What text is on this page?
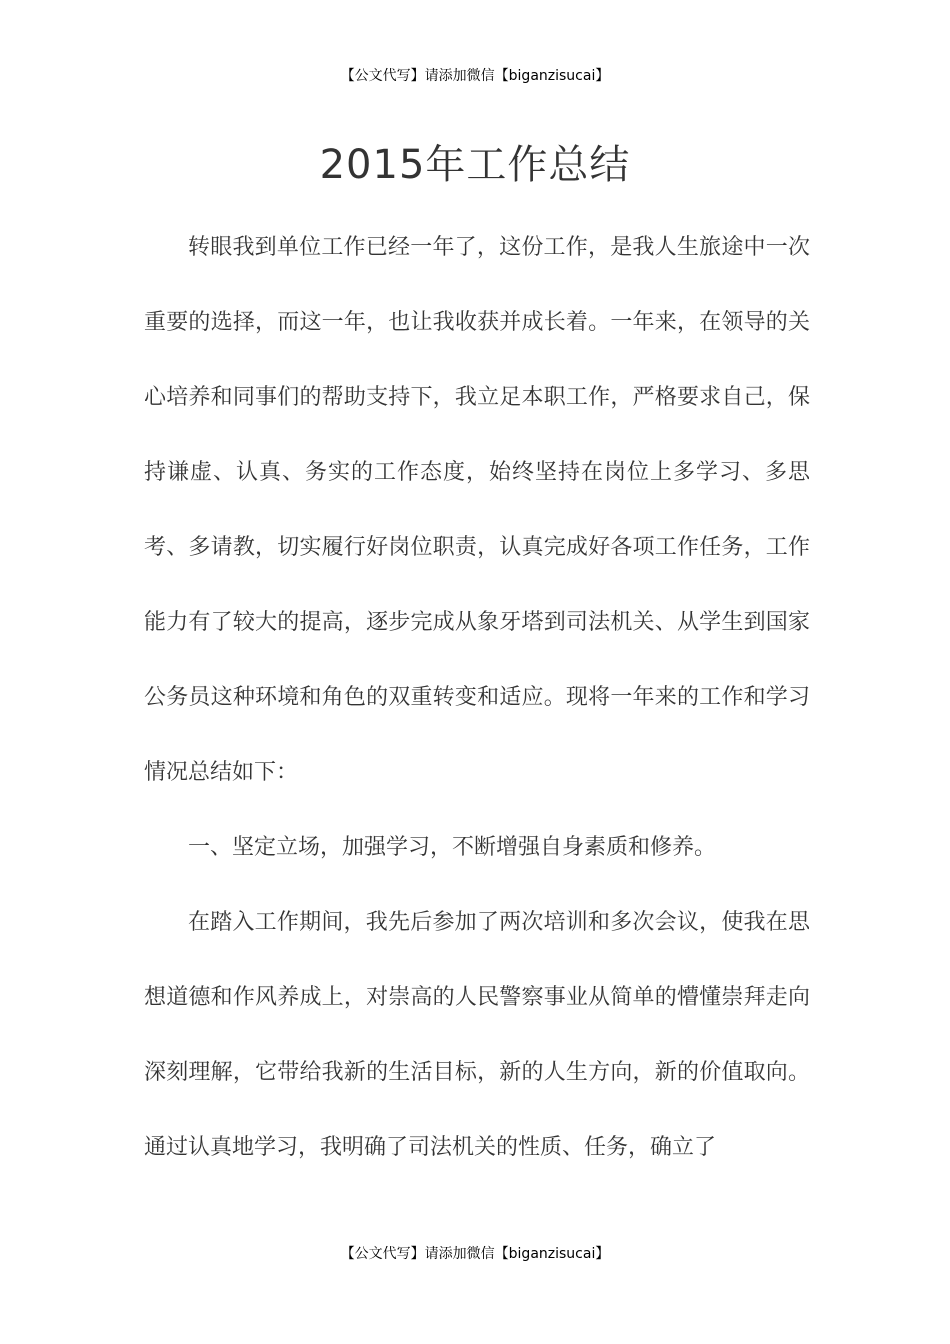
【公文代写】请添加微信【biganzisucai】
2015年工作总结

转眼我到单位工作已经一年了，这份工作，是我人生旅途中一次重要的选择，而这一年，也让我收获并成长着。一年来，在领导的关心培养和同事们的帮助支持下，我立足本职工作，严格要求自己，保持谦虚、认真、务实的工作态度，始终坚持在岗位上多学习、多思考、多请教，切实履行好岗位职责，认真完成好各项工作任务，工作能力有了较大的提高，逐步完成从象牙塔到司法机关、从学生到国家公务员这种环境和角色的双重转变和适应。现将一年来的工作和学习情况总结如下：

一、坚定立场，加强学习，不断增强自身素质和修养。

在踏入工作期间，我先后参加了两次培训和多次会议，使我在思想道德和作风养成上，对崇高的人民警察事业从简单的懵懂崇拜走向深刻理解，它带给我新的生活目标，新的人生方向，新的价值取向。通过认真地学习，我明确了司法机关的性质、任务，确立了

【公文代写】请添加微信【biganzisucai】
